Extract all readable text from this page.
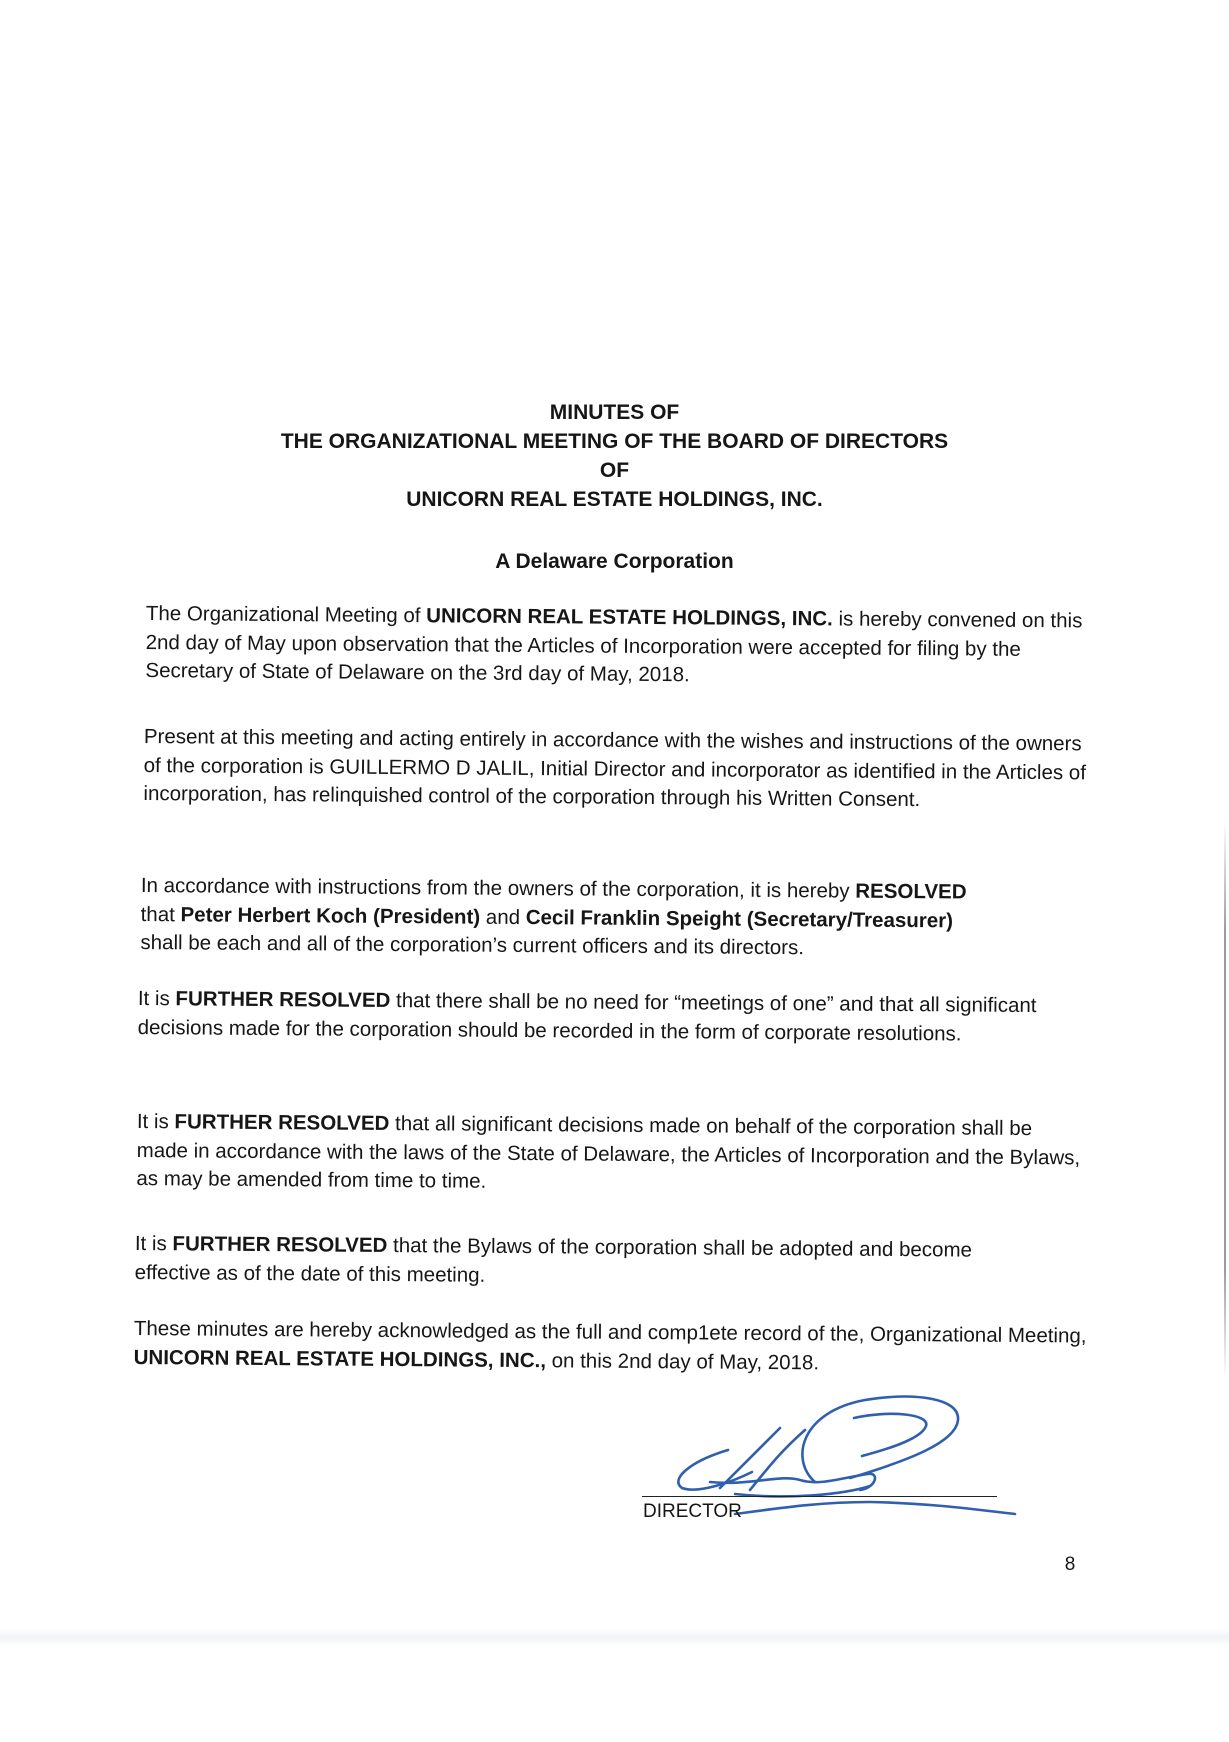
MINUTES OF
THE ORGANIZATIONAL MEETING OF THE BOARD OF DIRECTORS
OF
UNICORN REAL ESTATE HOLDINGS, INC.
A Delaware Corporation

The Organizational Meeting of UNICORN REAL ESTATE HOLDINGS, INC. is hereby convened on this 2nd day of May upon observation that the Articles of Incorporation were accepted for filing by the Secretary of State of Delaware on the 3rd day of May, 2018.

Present at this meeting and acting entirely in accordance with the wishes and instructions of the owners of the corporation is GUILLERMO D JALIL, Initial Director and incorporator as identified in the Articles of incorporation, has relinquished control of the corporation through his Written Consent.

In accordance with instructions from the owners of the corporation, it is hereby RESOLVED that Peter Herbert Koch (President) and Cecil Franklin Speight (Secretary/Treasurer) shall be each and all of the corporation’s current officers and its directors.

It is FURTHER RESOLVED that there shall be no need for “meetings of one” and that all significant decisions made for the corporation should be recorded in the form of corporate resolutions.

It is FURTHER RESOLVED that all significant decisions made on behalf of the corporation shall be made in accordance with the laws of the State of Delaware, the Articles of Incorporation and the Bylaws, as may be amended from time to time.

It is FURTHER RESOLVED that the Bylaws of the corporation shall be adopted and become effective as of the date of this meeting.

These minutes are hereby acknowledged as the full and comp1ete record of the, Organizational Meeting, UNICORN REAL ESTATE HOLDINGS, INC., on this 2nd day of May, 2018.

DIRECTOR
8
